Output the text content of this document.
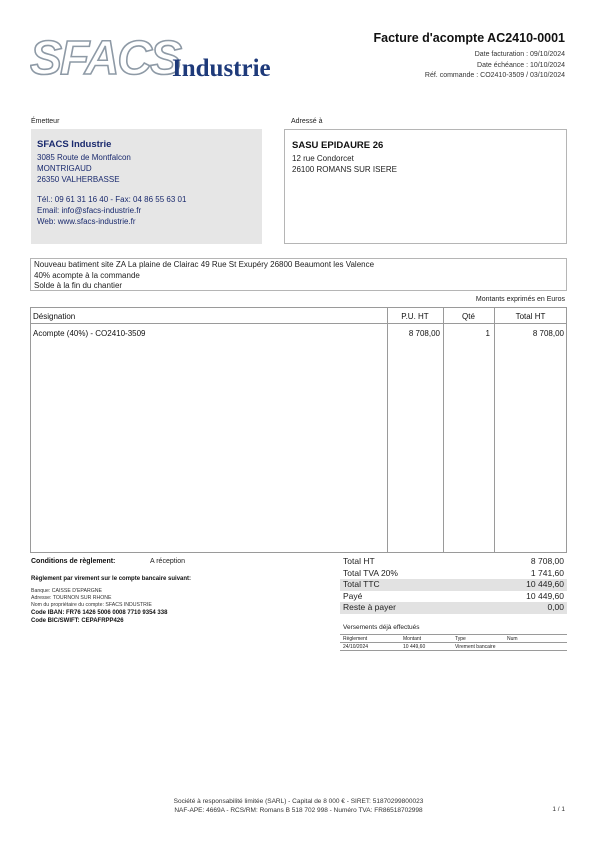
SFACS
Industrie
Facture d'acompte AC2410-0001
Date facturation : 09/10/2024
Date échéance : 10/10/2024
Réf. commande : CO2410-3509 / 03/10/2024
Émetteur	Adressé à
SFACS Industrie
3085 Route de Montfalcon
MONTRIGAUD
26350 VALHERBASSE
Tél.: 09 61 31 16 40 - Fax: 04 86 55 63 01
Email: info@sfacs-industrie.fr
Web: www.sfacs-industrie.fr
SASU EPIDAURE 26
12 rue Condorcet
26100 ROMANS SUR ISERE
Nouveau batiment site ZA La plaine de Clairac 49 Rue St Exupéry 26800 Beaumont les Valence
40% acompte à la commande
Solde à la fin du chantier
Montants exprimés en Euros
Désignation	P.U. HT	Qté	Total HT
Acompte (40%) - CO2410-3509	8 708,00	1	8 708,00
Conditions de règlement:	A réception
Règlement par virement sur le compte bancaire suivant:
Banque: CAISSE D'EPARGNE
Adresse: TOURNON SUR RHONE
Nom du propriétaire du compte: SFACS INDUSTRIE
Code IBAN: FR76 1426 5006 0008 7710 9354 338
Code BIC/SWIFT: CEPAFRPP426
Total HT	8 708,00
Total TVA 20%	1 741,60
Total TTC	10 449,60
Payé	10 449,60
Reste à payer	0,00
Versements déjà effectués
Règlement	Montant	Type	Num
24/10/2024	10 449,60	Virement bancaire
Société à responsabilité limitée (SARL) - Capital de 8 000 € - SIRET: 51870299800023
NAF-APE: 4669A - RCS/RM: Romans B 518 702 998 - Numéro TVA: FR86518702998	1 / 1
